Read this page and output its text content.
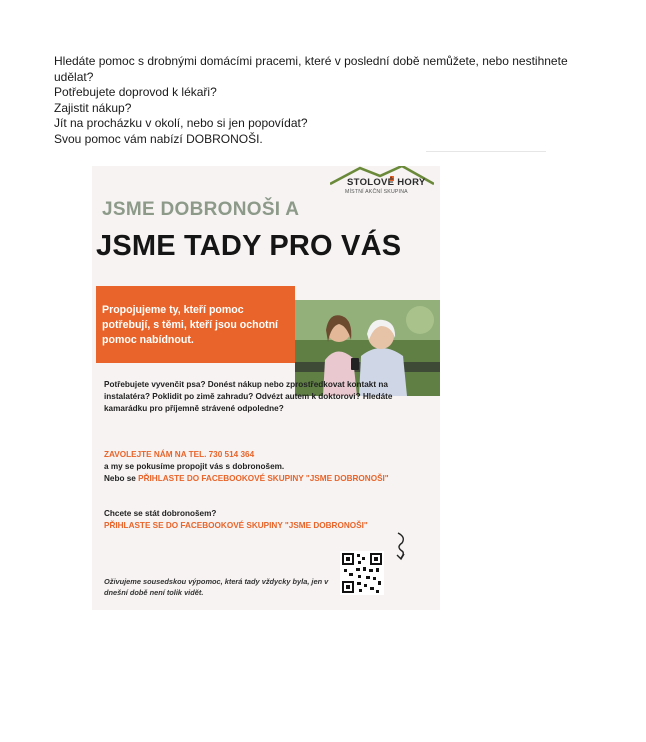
Hledáte pomoc s drobnými domácími pracemi, které v poslední době nemůžete, nebo nestihnete udělat?

Potřebujete doprovod k lékaři?

Zajistit nákup?

Jít na procházku v okolí, nebo si jen popovídat?

Svou pomoc vám nabízí DOBRONOŠI.

STOLOVÉ HORY
MÍSTNÍ AKČNÍ SKUPINA
JSME DOBRONOŠI A
JSME TADY PRO VÁS
Propojujeme ty, kteří pomoc potřebují, s těmi, kteří jsou ochotní pomoc nabídnout.
Potřebujete vyvenčit psa? Donést nákup nebo zprostředkovat kontakt na instalatéra? Poklidit po zimě zahradu? Odvézt autem k doktorovi? Hledáte kamarádku pro příjemně strávené odpoledne?
ZAVOLEJTE NÁM NA TEL. 730 514 364
a my se pokusíme propojit vás s dobronošem.
Nebo se PŘIHLASTE DO FACEBOOKOVÉ SKUPINY "JSME DOBRONOŠI"
Chcete se stát dobronošem?
PŘIHLASTE SE DO FACEBOOKOVÉ SKUPINY "JSME DOBRONOŠI"
Oživujeme sousedskou výpomoc, která tady vždycky byla, jen v dnešní době není tolik vidět.
